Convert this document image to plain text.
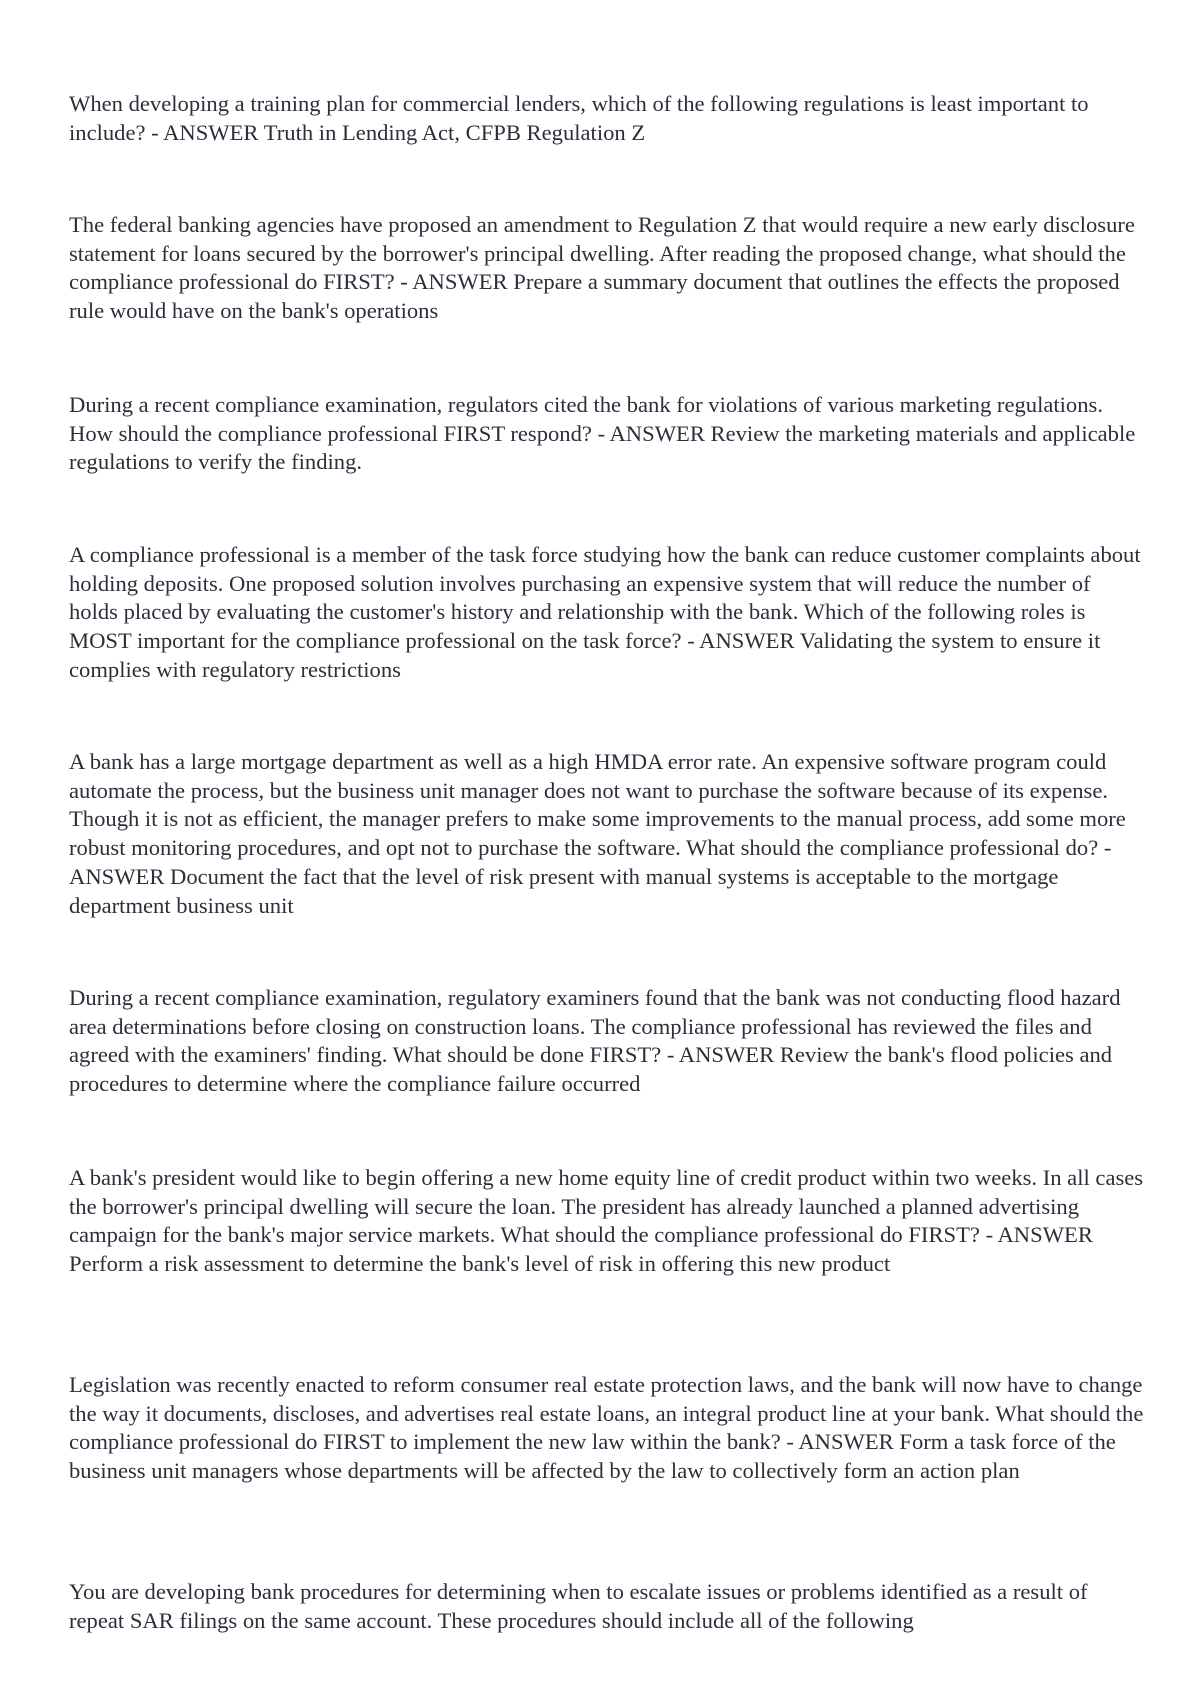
When developing a training plan for commercial lenders, which of the following regulations is least important to include? - ANSWER Truth in Lending Act, CFPB Regulation Z

The federal banking agencies have proposed an amendment to Regulation Z that would require a new early disclosure statement for loans secured by the borrower's principal dwelling. After reading the proposed change, what should the compliance professional do FIRST? - ANSWER Prepare a summary document that outlines the effects the proposed rule would have on the bank's operations

During a recent compliance examination, regulators cited the bank for violations of various marketing regulations. How should the compliance professional FIRST respond? - ANSWER Review the marketing materials and applicable regulations to verify the finding.

A compliance professional is a member of the task force studying how the bank can reduce customer complaints about holding deposits. One proposed solution involves purchasing an expensive system that will reduce the number of holds placed by evaluating the customer's history and relationship with the bank. Which of the following roles is MOST important for the compliance professional on the task force? - ANSWER Validating the system to ensure it complies with regulatory restrictions

A bank has a large mortgage department as well as a high HMDA error rate. An expensive software program could automate the process, but the business unit manager does not want to purchase the software because of its expense. Though it is not as efficient, the manager prefers to make some improvements to the manual process, add some more robust monitoring procedures, and opt not to purchase the software. What should the compliance professional do? - ANSWER Document the fact that the level of risk present with manual systems is acceptable to the mortgage department business unit

During a recent compliance examination, regulatory examiners found that the bank was not conducting flood hazard area determinations before closing on construction loans. The compliance professional has reviewed the files and agreed with the examiners' finding. What should be done FIRST? - ANSWER Review the bank's flood policies and procedures to determine where the compliance failure occurred

A bank's president would like to begin offering a new home equity line of credit product within two weeks. In all cases the borrower's principal dwelling will secure the loan. The president has already launched a planned advertising campaign for the bank's major service markets. What should the compliance professional do FIRST? - ANSWER Perform a risk assessment to determine the bank's level of risk in offering this new product

Legislation was recently enacted to reform consumer real estate protection laws, and the bank will now have to change the way it documents, discloses, and advertises real estate loans, an integral product line at your bank. What should the compliance professional do FIRST to implement the new law within the bank? - ANSWER Form a task force of the business unit managers whose departments will be affected by the law to collectively form an action plan

You are developing bank procedures for determining when to escalate issues or problems identified as a result of repeat SAR filings on the same account. These procedures should include all of the following
